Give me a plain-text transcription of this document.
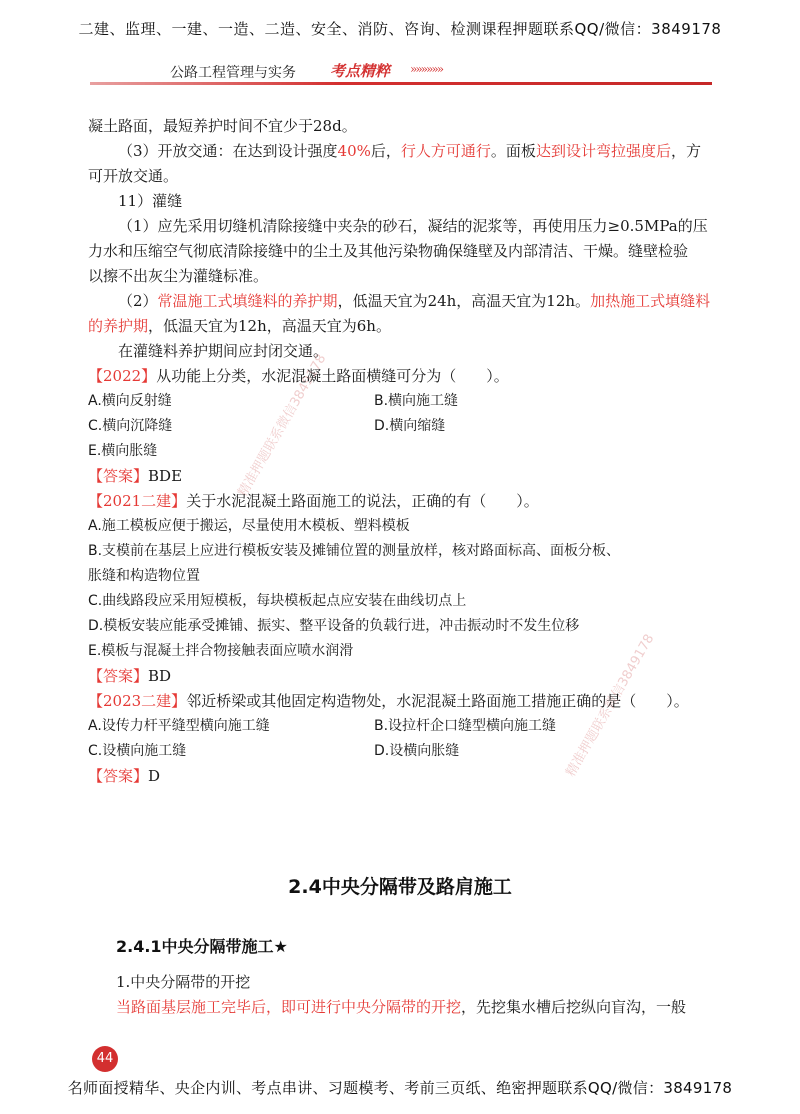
二建、监理、一建、一造、二造、安全、消防、咨询、检测课程押题联系QQ/微信：3849178
公路工程管理与实务 考点精粹 »»»»»»
精准押题联系微信3849178
精准押题联系微信3849178
凝土路面，最短养护时间不宜少于28d。
（3）开放交通：在达到设计强度40%后，行人方可通行。面板达到设计弯拉强度后，方
可开放交通。
11）灌缝
（1）应先采用切缝机清除接缝中夹杂的砂石，凝结的泥浆等，再使用压力≥0.5MPa的压
力水和压缩空气彻底清除接缝中的尘土及其他污染物确保缝壁及内部清洁、干燥。缝壁检验
以擦不出灰尘为灌缝标准。
（2）常温施工式填缝料的养护期，低温天宜为24h，高温天宜为12h。加热施工式填缝料
的养护期，低温天宜为12h，高温天宜为6h。
在灌缝料养护期间应封闭交通。
【2022】从功能上分类，水泥混凝土路面横缝可分为（　　）。
A.横向反射缝	B.横向施工缝
C.横向沉降缝	D.横向缩缝
E.横向胀缝
【答案】BDE
【2021二建】关于水泥混凝土路面施工的说法，正确的有（　　）。
A.施工模板应便于搬运，尽量使用木模板、塑料模板
B.支模前在基层上应进行模板安装及摊铺位置的测量放样，核对路面标高、面板分板、
胀缝和构造物位置
C.曲线路段应采用短模板，每块模板起点应安装在曲线切点上
D.模板安装应能承受摊铺、振实、整平设备的负载行进，冲击振动时不发生位移
E.模板与混凝土拌合物接触表面应喷水润滑
【答案】BD
【2023二建】邻近桥梁或其他固定构造物处，水泥混凝土路面施工措施正确的是（　　）。
A.设传力杆平缝型横向施工缝	B.设拉杆企口缝型横向施工缝
C.设横向施工缝	D.设横向胀缝
【答案】D
2.4中央分隔带及路肩施工
2.4.1中央分隔带施工★
1.中央分隔带的开挖
当路面基层施工完毕后，即可进行中央分隔带的开挖，先挖集水槽后挖纵向盲沟，一般
44
名师面授精华、央企内训、考点串讲、习题模考、考前三页纸、绝密押题联系QQ/微信：3849178
